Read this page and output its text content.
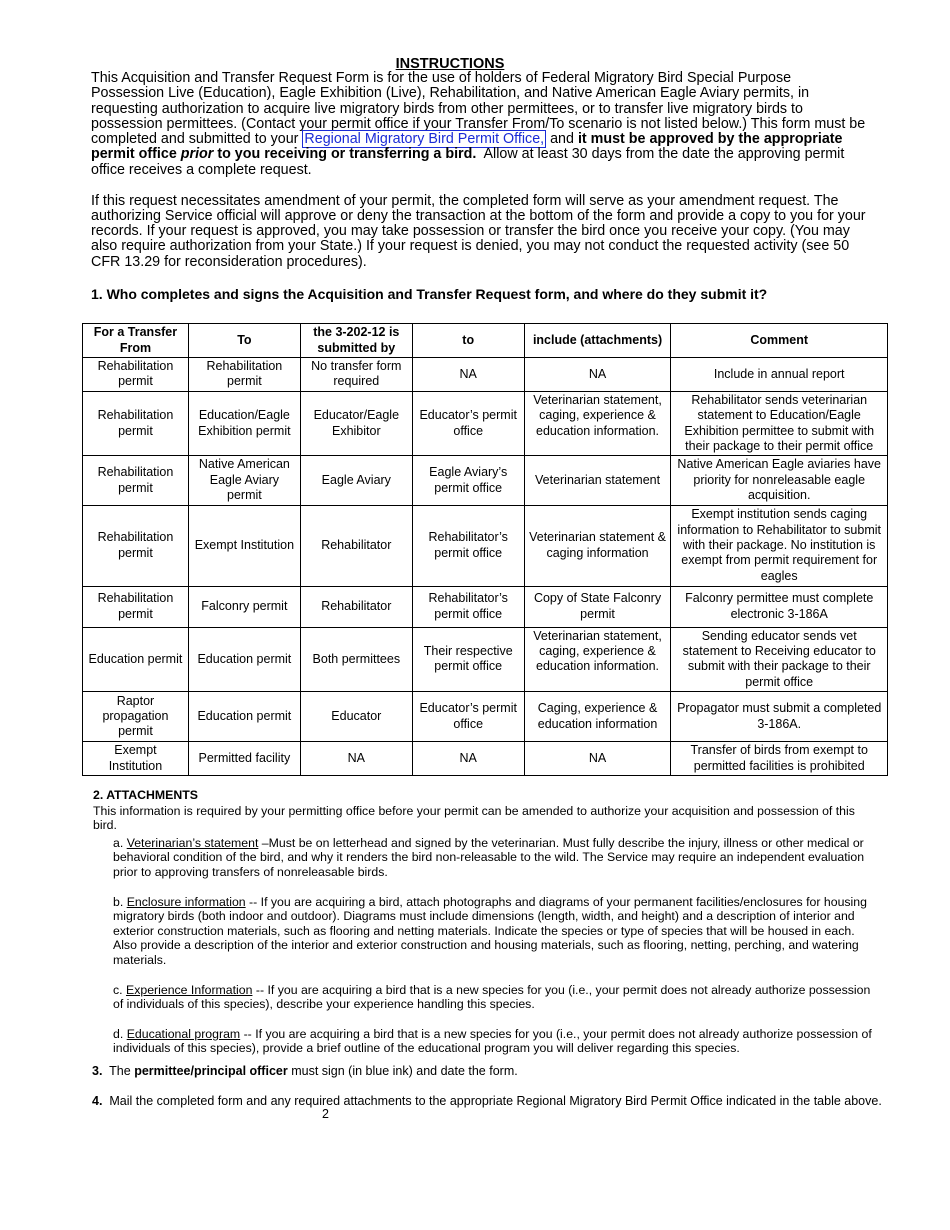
INSTRUCTIONS

This Acquisition and Transfer Request Form is for the use of holders of Federal Migratory Bird Special Purpose Possession Live (Education), Eagle Exhibition (Live), Rehabilitation, and Native American Eagle Aviary permits, in requesting authorization to acquire live migratory birds from other permittees, or to transfer live migratory birds to possession permittees. (Contact your permit office if your Transfer From/To scenario is not listed below.) This form must be completed and submitted to your Regional Migratory Bird Permit Office, and it must be approved by the appropriate permit office prior to you receiving or transferring a bird. Allow at least 30 days from the date the approving permit office receives a complete request.

If this request necessitates amendment of your permit, the completed form will serve as your amendment request. The authorizing Service official will approve or deny the transaction at the bottom of the form and provide a copy to you for your records. If your request is approved, you may take possession or transfer the bird once you receive your copy. (You may also require authorization from your State.) If your request is denied, you may not conduct the requested activity (see 50 CFR 13.29 for reconsideration procedures).

1. Who completes and signs the Acquisition and Transfer Request form, and where do they submit it?
For a Transfer From	To	the 3-202-12 is submitted by	to	include (attachments)	Comment
Rehabilitation permit	Rehabilitation permit	No transfer form required	NA	NA	Include in annual report
Rehabilitation permit	Education/Eagle Exhibition permit	Educator/Eagle Exhibitor	Educator’s permit office	Veterinarian statement, caging, experience & education information.	Rehabilitator sends veterinarian statement to Education/Eagle Exhibition permittee to submit with their package to their permit office
Rehabilitation permit	Native American Eagle Aviary permit	Eagle Aviary	Eagle Aviary’s permit office	Veterinarian statement	Native American Eagle aviaries have priority for nonreleasable eagle acquisition.
Rehabilitation permit	Exempt Institution	Rehabilitator	Rehabilitator’s permit office	Veterinarian statement & caging information	Exempt institution sends caging information to Rehabilitator to submit with their package. No institution is exempt from permit requirement for eagles
Rehabilitation permit	Falconry permit	Rehabilitator	Rehabilitator’s permit office	Copy of State Falconry permit	Falconry permittee must complete electronic 3-186A
Education permit	Education permit	Both permittees	Their respective permit office	Veterinarian statement, caging, experience & education information.	Sending educator sends vet statement to Receiving educator to submit with their package to their permit office
Raptor propagation permit	Education permit	Educator	Educator’s permit office	Caging, experience & education information	Propagator must submit a completed 3-186A.
Exempt Institution	Permitted facility	NA	NA	NA	Transfer of birds from exempt to permitted facilities is prohibited
2. ATTACHMENTS
This information is required by your permitting office before your permit can be amended to authorize your acquisition and possession of this bird.
a. Veterinarian’s statement –Must be on letterhead and signed by the veterinarian. Must fully describe the injury, illness or other medical or behavioral condition of the bird, and why it renders the bird non-releasable to the wild. The Service may require an independent evaluation prior to approving transfers of nonreleasable birds.
b. Enclosure information -- If you are acquiring a bird, attach photographs and diagrams of your permanent facilities/enclosures for housing migratory birds (both indoor and outdoor). Diagrams must include dimensions (length, width, and height) and a description of interior and exterior construction materials, such as flooring and netting materials. Indicate the species or type of species that will be housed in each. Also provide a description of the interior and exterior construction and housing materials, such as flooring, netting, perching, and watering materials.
c. Experience Information -- If you are acquiring a bird that is a new species for you (i.e., your permit does not already authorize possession of individuals of this species), describe your experience handling this species.
d. Educational program -- If you are acquiring a bird that is a new species for you (i.e., your permit does not already authorize possession of individuals of this species), provide a brief outline of the educational program you will deliver regarding this species.
3. The permittee/principal officer must sign (in blue ink) and date the form.
4. Mail the completed form and any required attachments to the appropriate Regional Migratory Bird Permit Office indicated in the table above.
2
